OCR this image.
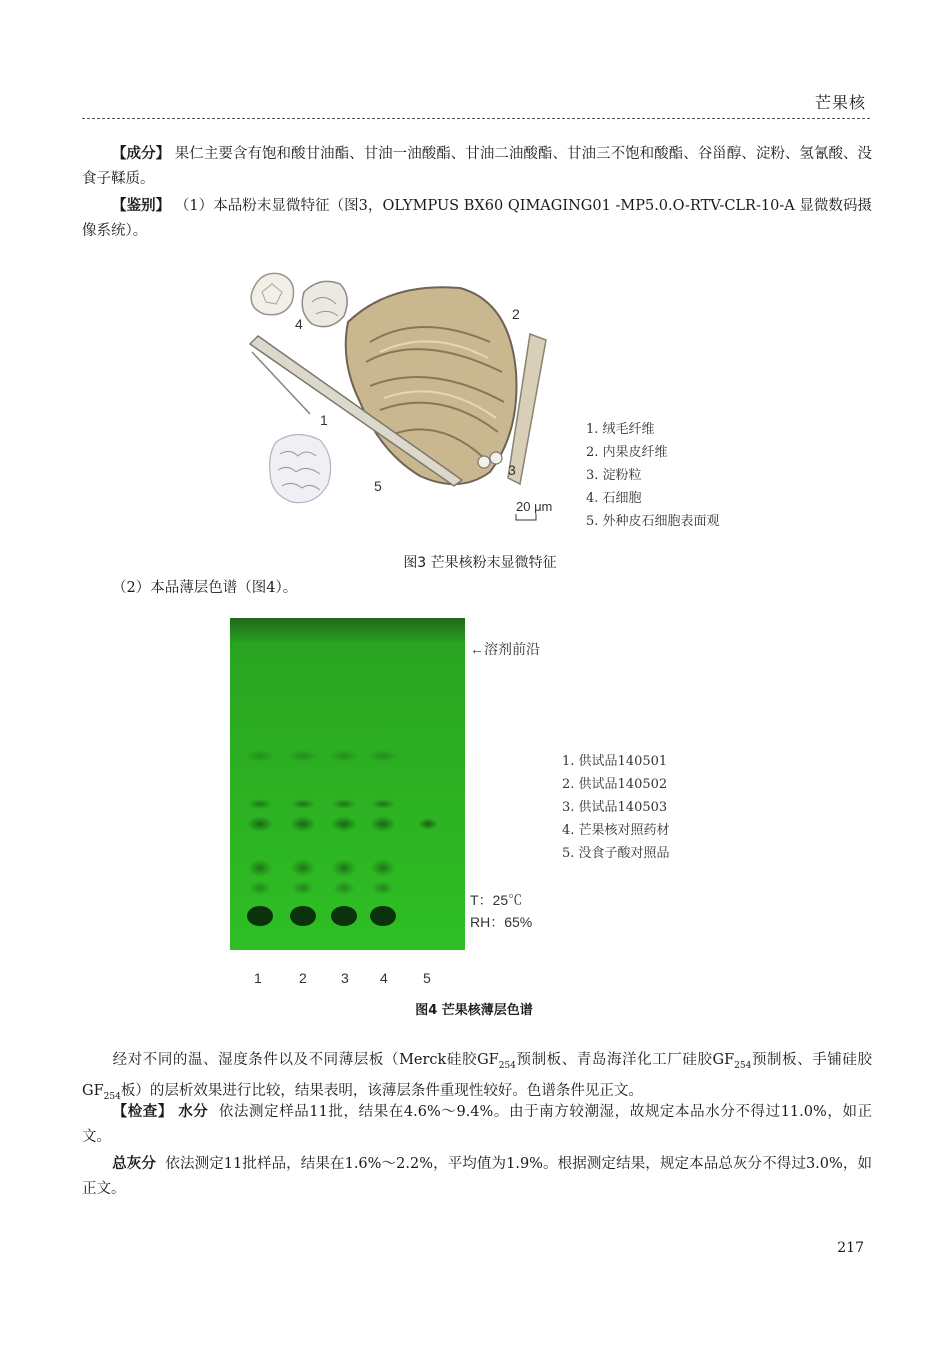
芒果核
【成分】 果仁主要含有饱和酸甘油酯、甘油一油酸酯、甘油二油酸酯、甘油三不饱和酸酯、谷甾醇、淀粉、氢氰酸、没食子鞣质。
【鉴别】 （1）本品粉末显微特征（图3，OLYMPUS BX60 QIMAGING01 -MP5.0.O-RTV-CLR-10-A 显微数码摄像系统）。
4
2
1
3
5
20 μm
1. 绒毛纤维
2. 内果皮纤维
3. 淀粉粒
4. 石细胞
5. 外种皮石细胞表面观
图3 芒果核粉末显微特征
（2）本品薄层色谱（图4）。
←溶剂前沿
1. 供试品140501
2. 供试品140502
3. 供试品140503
4. 芒果核对照药材
5. 没食子酸对照品
T：25℃
RH：65%
1	2 3 4	5
图4 芒果核薄层色谱
经对不同的温、湿度条件以及不同薄层板（Merck硅胶$GF_{254}$预制板、青岛海洋化工厂硅胶$GF_{254}$预制板、手铺硅胶$GF_{254}$板）的层析效果进行比较，结果表明，该薄层条件重现性较好。色谱条件见正文。
【检查】 水分 依法测定样品11批，结果在4.6%～9.4%。由于南方较潮湿，故规定本品水分不得过11.0%，如正文。
总灰分 依法测定11批样品，结果在1.6%～2.2%，平均值为1.9%。根据测定结果，规定本品总灰分不得过3.0%，如正文。
217
